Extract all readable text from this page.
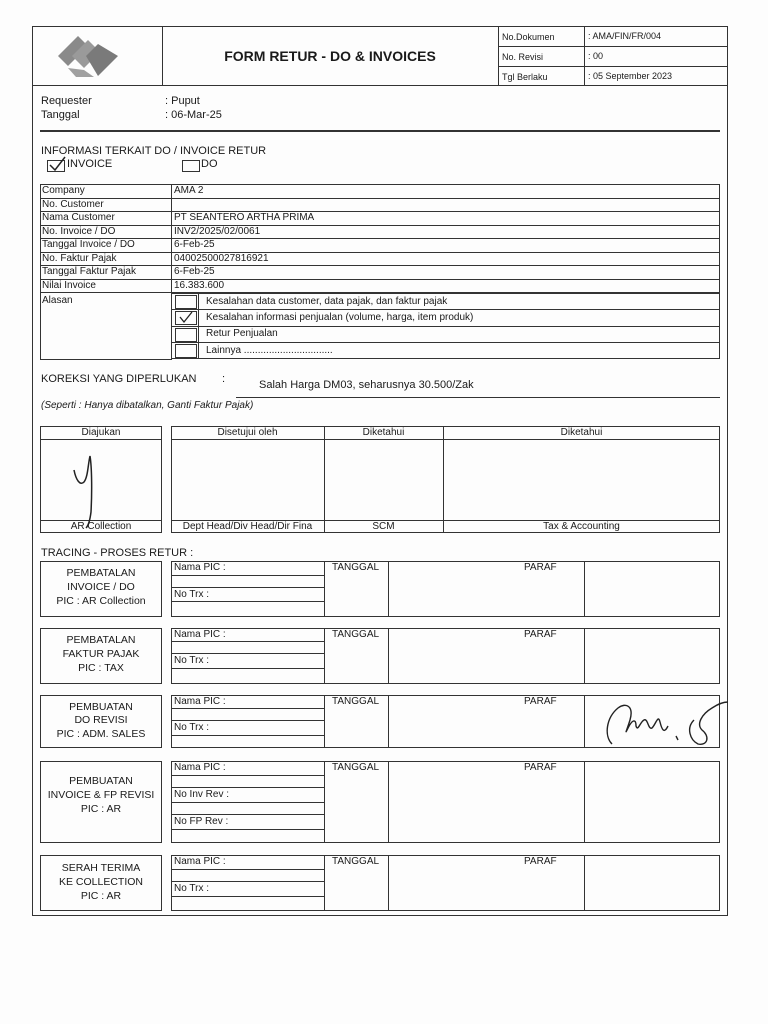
FORM RETUR - DO & INVOICES
No.Dokumen	: AMA/FIN/FR/004
No. Revisi	: 00
Tgl Berlaku	: 05 September 2023
Requester	: Puput
Tanggal	: 06-Mar-25
INFORMASI TERKAIT DO / INVOICE RETUR
INVOICE	DO
Company	AMA 2
No. Customer
Nama Customer	PT SEANTERO ARTHA PRIMA
No. Invoice / DO	INV2/2025/02/0061
Tanggal Invoice / DO	6-Feb-25
No. Faktur Pajak	04002500027816921
Tanggal Faktur Pajak	6-Feb-25
Nilai Invoice	16.383.600
Alasan	Kesalahan data customer, data pajak, dan faktur pajak
Kesalahan informasi penjualan (volume, harga, item produk)
Retur Penjualan
Lainnya ................................
KOREKSI YANG DIPERLUKAN :	Salah Harga DM03, seharusnya 30.500/Zak
(Seperti : Hanya dibatalkan, Ganti Faktur Pajak)
Diajukan	Disetujui oleh	Diketahui	Diketahui
AR Collection	Dept Head/Div Head/Dir Fina	SCM	Tax & Accounting
TRACING - PROSES RETUR :
PEMBATALAN
INVOICE / DO
PIC : AR Collection
Nama PIC :
No Trx :
TANGGAL	PARAF
PEMBATALAN
FAKTUR PAJAK
PIC : TAX
Nama PIC :
No Trx :
TANGGAL	PARAF
PEMBUATAN
DO REVISI
PIC : ADM. SALES
Nama PIC :
No Trx :
TANGGAL	PARAF
PEMBUATAN
INVOICE & FP REVISI
PIC : AR
Nama PIC :
No Inv Rev :
No FP Rev :
TANGGAL	PARAF
SERAH TERIMA
KE COLLECTION
PIC : AR
Nama PIC :
No Trx :
TANGGAL	PARAF
